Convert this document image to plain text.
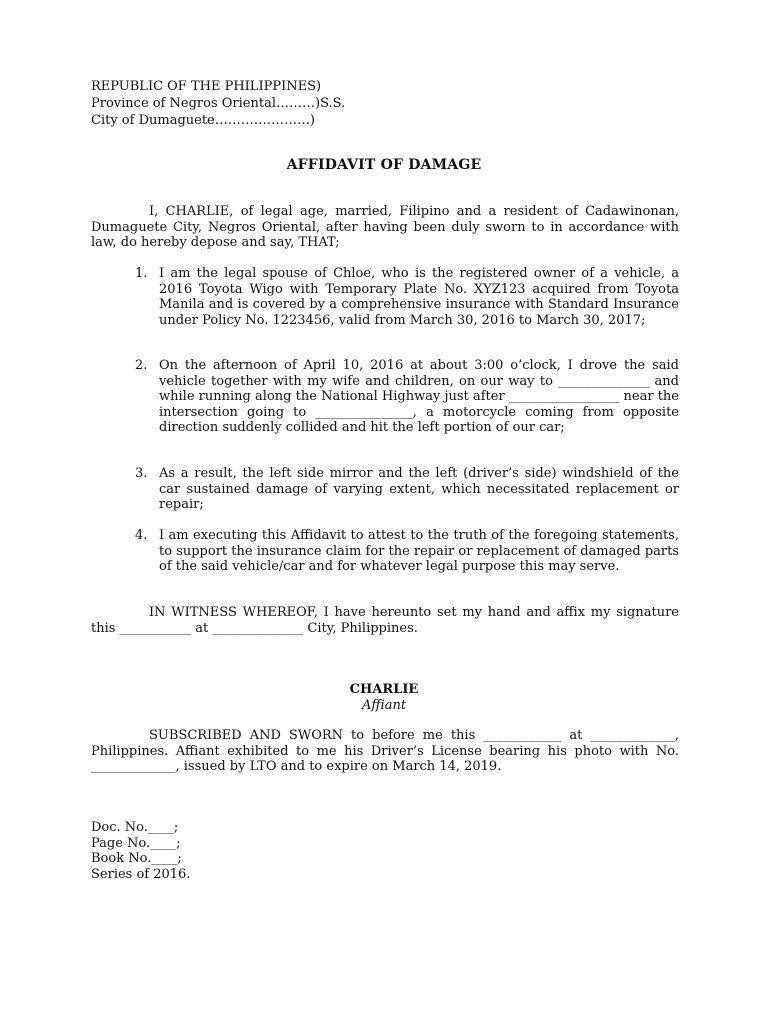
REPUBLIC OF THE PHILIPPINES)
Province of Negros Oriental………)S.S.
City of Dumaguete………………….)
AFFIDAVIT OF DAMAGE
I, CHARLIE, of legal age, married, Filipino and a resident of Cadawinonan, Dumaguete City, Negros Oriental, after having been duly sworn to in accordance with law, do hereby depose and say, THAT;
1. I am the legal spouse of Chloe, who is the registered owner of a vehicle, a 2016 Toyota Wigo with Temporary Plate No. XYZ123 acquired from Toyota Manila and is covered by a comprehensive insurance with Standard Insurance under Policy No. 1223456, valid from March 30, 2016 to March 30, 2017;
2. On the afternoon of April 10, 2016 at about 3:00 o’clock, I drove the said vehicle together with my wife and children, on our way to ______________ and while running along the National Highway just after _________________ near the intersection going to _______________, a motorcycle coming from opposite direction suddenly collided and hit the left portion of our car;
3. As a result, the left side mirror and the left (driver’s side) windshield of the car sustained damage of varying extent, which necessitated replacement or repair;
4. I am executing this Affidavit to attest to the truth of the foregoing statements, to support the insurance claim for the repair or replacement of damaged parts of the said vehicle/car and for whatever legal purpose this may serve.
IN WITNESS WHEREOF, I have hereunto set my hand and affix my signature this ___________ at ______________ City, Philippines.
CHARLIE
Affiant
SUBSCRIBED AND SWORN to before me this ____________ at _____________, Philippines. Affiant exhibited to me his Driver’s License bearing his photo with No. _____________, issued by LTO and to expire on March 14, 2019.
Doc. No.____;
Page No.____;
Book No.____;
Series of 2016.
